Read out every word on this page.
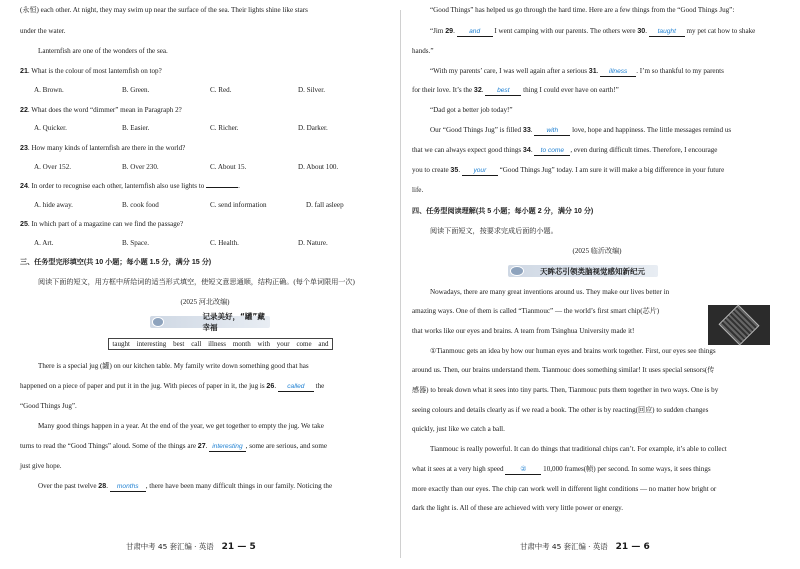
(永恒) each other. At night, they may swim up near the surface of the sea. Their lights shine like stars
under the water.
Lanternfish are one of the wonders of the sea.
21. What is the colour of most lanternfish on top?
A. Brown.	B. Green.	C. Red.	D. Silver.
22. What does the word “dimmer” mean in Paragraph 2?
A. Quicker.	B. Easier.	C. Richer.	D. Darker.
23. How many kinds of lanternfish are there in the world?
A. Over 152.	B. Over 230.	C. About 15.	D. About 100.
24. In order to recognise each other, lanternfish also use lights to	.
A. hide away.	B. cook food	C. send information	D. fall asleep
25. In which part of a magazine can we find the passage?
A. Art.	B. Space.	C. Health.	D. Nature.
三、任务型完形填空(共 10 小题；每小题 1.5 分，满分 15 分)
阅读下面的短文，用方框中所给词的适当形式填空，使短文意思通顺，结构正确。(每个单词限用一次)
(2025 河北改编)
记录美好，“罐”藏幸福
taught interesting best call illness month with your come and
There is a special jug (罐) on our kitchen table. My family write down something good that has
happened on a piece of paper and put it in the jug. With pieces of paper in it, the jug is 26. called the
“Good Things Jug”.
Many good things happen in a year. At the end of the year, we get together to empty the jug. We take
turns to read the “Good Things” aloud. Some of the things are 27. interesting , some are serious, and some
just give hope.
Over the past twelve 28. months , there have been many difficult things in our family. Noticing the
甘肃中考 45 套汇编 · 英语 21 — 5
“Good Things” has helped us go through the hard time. Here are a few things from the “Good Things Jug”:
“Jim 29. and I went camping with our parents. The others were 30. taught my pet cat how to shake
hands.”
“With my parents’ care, I was well again after a serious 31. illness . I’m so thankful to my parents
for their love. It’s the 32. best thing I could ever have on earth!”
“Dad got a better job today!”
Our “Good Things Jug” is filled 33. with love, hope and happiness. The little messages remind us
that we can always expect good things 34. to come , even during difficult times. Therefore, I encourage
you to create 35. your “Good Things Jug” today. I am sure it will make a big difference in your future
life.
四、任务型阅读理解(共 5 小题；每小题 2 分，满分 10 分)
阅读下面短文，按要求完成后面的小题。
(2025 临沂改编)
天眸芯引领类脑视觉感知新纪元
Nowadays, there are many great inventions around us. They make our lives better in
amazing ways. One of them is called “Tianmouc” — the world’s first smart chip(芯片)
that works like our eyes and brains. A team from Tsinghua University made it!
①Tianmouc gets an idea by how our human eyes and brains work together. First, our eyes see things
around us. Then, our brains understand them. Tianmouc does something similar! It uses special sensors(传
感器) to break down what it sees into tiny parts. Then, Tianmouc puts them together in two ways. One is by
seeing colours and details clearly as if we read a book. The other is by reacting(回应) to sudden changes
quickly, just like we catch a ball.
Tianmouc is really powerful. It can do things that traditional chips can’t. For example, it’s able to collect
what it sees at a very high speed ② 10,000 frames(帧) per second. In some ways, it sees things
more exactly than our eyes. The chip can work well in different light conditions — no matter how bright or
dark the light is. All of these are achieved with very little power or energy.
甘肃中考 45 套汇编 · 英语 21 — 6
